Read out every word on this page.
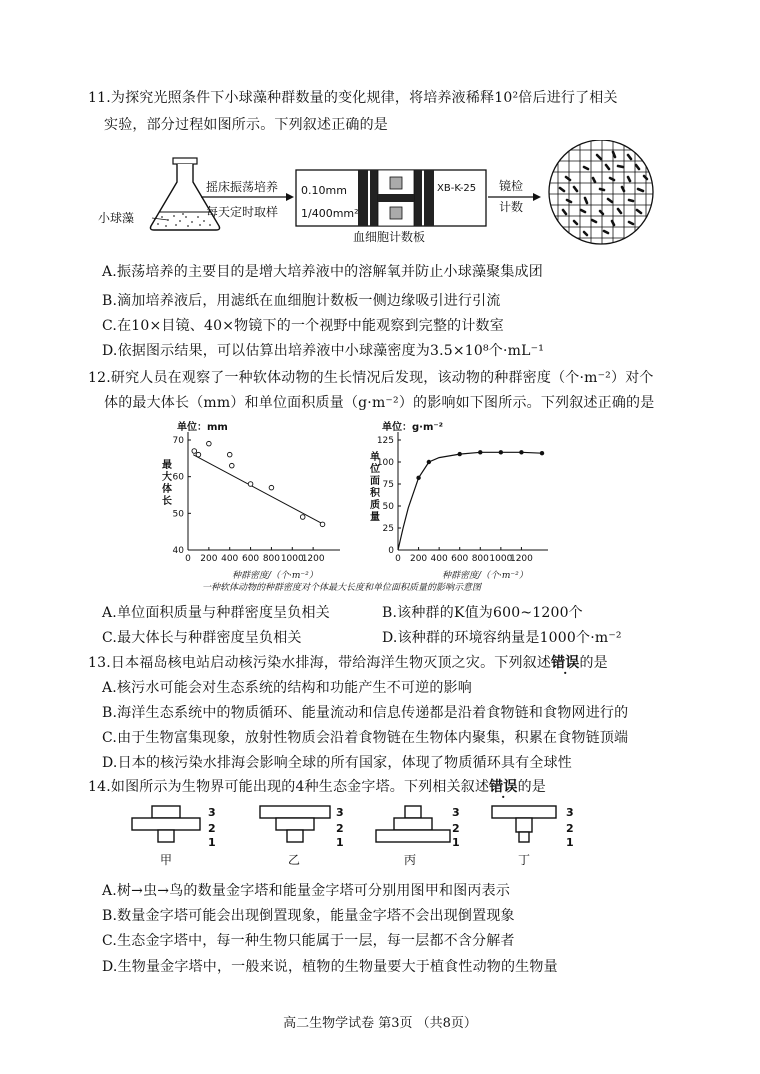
11.为探究光照条件下小球藻种群数量的变化规律，将培养液稀释10²倍后进行了相关
实验，部分过程如图所示。下列叙述正确的是
小球藻
摇床振荡培养
每天定时取样
0.10mm
1/400mm²
XB-K-25
血细胞计数板
镜检
计数
A.振荡培养的主要目的是增大培养液中的溶解氧并防止小球藻聚集成团
B.滴加培养液后，用滤纸在血细胞计数板一侧边缘吸引进行引流
C.在10×目镜、40×物镜下的一个视野中能观察到完整的计数室
D.依据图示结果，可以估算出培养液中小球藻密度为3.5×10⁸个·mL⁻¹
12.研究人员在观察了一种软体动物的生长情况后发现，该动物的种群密度（个·m⁻²）对个
体的最大体长（mm）和单位面积质量（g·m⁻²）的影响如下图所示。下列叙述正确的是
单位：mm
最
大
体
长
0 200 400 600 800 1000
1200
40
50
60
70
种群密度/（个·m⁻²）
单位：g·m⁻²
单
位
面
积
质
量
0 200 400 600 800 1000
1200
0
25
50
75
100
125
种群密度/（个·m⁻²）
一种软体动物的种群密度对个体最大长度和单位面积质量的影响示意图
A.单位面积质量与种群密度呈负相关	B.该种群的K值为600~1200个
C.最大体长与种群密度呈负相关	D.该种群的环境容纳量是1000个·m⁻²
13.日本福岛核电站启动核污染水排海，带给海洋生物灭顶之灾。下列叙述错误的是
A.核污水可能会对生态系统的结构和功能产生不可逆的影响
B.海洋生态系统中的物质循环、能量流动和信息传递都是沿着食物链和食物网进行的
C.由于生物富集现象，放射性物质会沿着食物链在生物体内聚集，积累在食物链顶端
D.日本的核污染水排海会影响全球的所有国家，体现了物质循环具有全球性
14.如图所示为生物界可能出现的4种生态金字塔。下列相关叙述错误的是
3
2
1
甲
3
2
1
乙
3
2
1
丙
3
2
1
丁
A.树→虫→鸟的数量金字塔和能量金字塔可分别用图甲和图丙表示
B.数量金字塔可能会出现倒置现象，能量金字塔不会出现倒置现象
C.生态金字塔中，每一种生物只能属于一层，每一层都不含分解者
D.生物量金字塔中，一般来说，植物的生物量要大于植食性动物的生物量
高二生物学试卷 第3页 （共8页）
